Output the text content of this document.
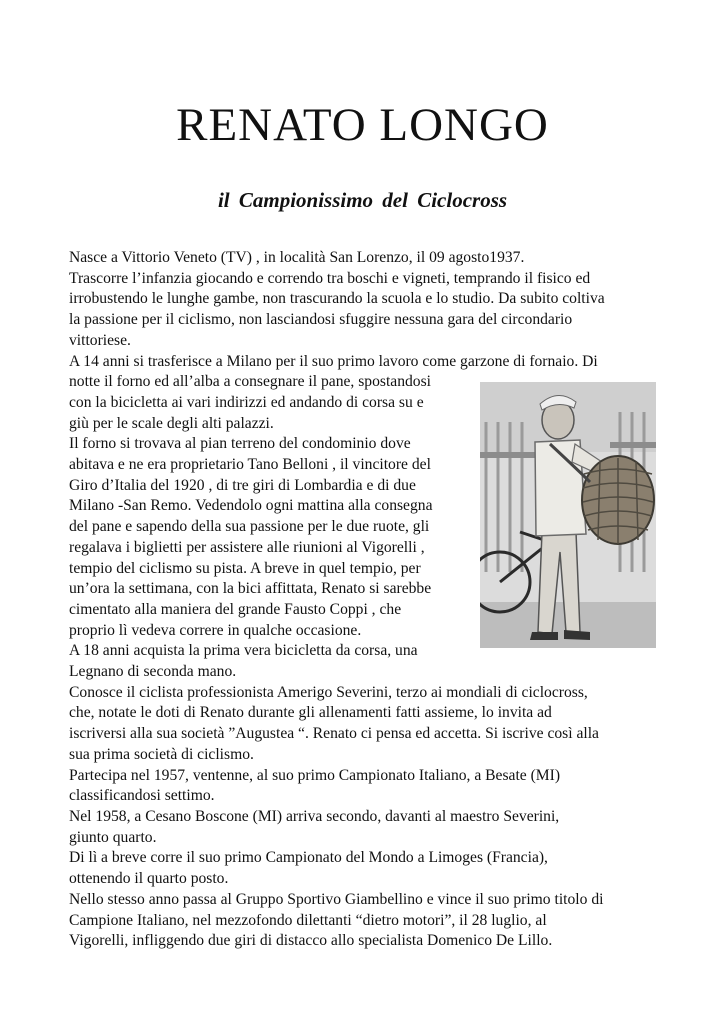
RENATO LONGO
il Campionissimo del Ciclocross

Nasce a Vittorio Veneto (TV) , in località San Lorenzo, il 09 agosto1937.

Trascorre l’infanzia giocando e correndo tra boschi e vigneti, temprando il fisico ed

irrobustendo le lunghe gambe, non trascurando la scuola e lo studio. Da subito coltiva

la passione per il ciclismo, non lasciandosi sfuggire nessuna gara del circondario

vittoriese.

A 14 anni si trasferisce a Milano per il suo primo lavoro come garzone di fornaio. Di

notte il forno ed all’alba a consegnare il pane, spostandosi

con la bicicletta ai vari indirizzi ed andando di corsa su e

giù per le scale degli alti palazzi.

Il forno si trovava al pian terreno del condominio dove

abitava e ne era proprietario Tano Belloni , il vincitore del

Giro d’Italia del 1920 , di tre giri di Lombardia e di due

Milano -San Remo. Vedendolo ogni mattina alla consegna

del pane e sapendo della sua passione per le due ruote, gli

regalava i biglietti per assistere alle riunioni al Vigorelli ,

tempio del ciclismo su pista. A breve in quel tempio, per

un’ora la settimana, con la bici affittata, Renato si sarebbe

cimentato alla maniera del grande Fausto Coppi , che

proprio lì vedeva correre in qualche occasione.

A 18 anni acquista la prima vera bicicletta da corsa, una

Legnano di seconda mano.

Conosce il ciclista professionista Amerigo Severini, terzo ai mondiali di ciclocross,

che, notate le doti di Renato durante gli allenamenti fatti assieme, lo invita ad

iscriversi alla sua società ”Augustea “. Renato ci pensa ed accetta. Si iscrive così alla

sua prima società di ciclismo.

Partecipa nel 1957, ventenne, al suo primo Campionato Italiano, a Besate (MI)

classificandosi settimo.

Nel 1958, a Cesano Boscone (MI) arriva secondo, davanti al maestro Severini,

giunto quarto.

Di lì a breve corre il suo primo Campionato del Mondo a Limoges (Francia),

ottenendo il quarto posto.

Nello stesso anno passa al Gruppo Sportivo Giambellino e vince il suo primo titolo di

Campione Italiano, nel mezzofondo dilettanti “dietro motori”, il 28 luglio, al

Vigorelli, infliggendo due giri di distacco allo specialista Domenico De Lillo.
